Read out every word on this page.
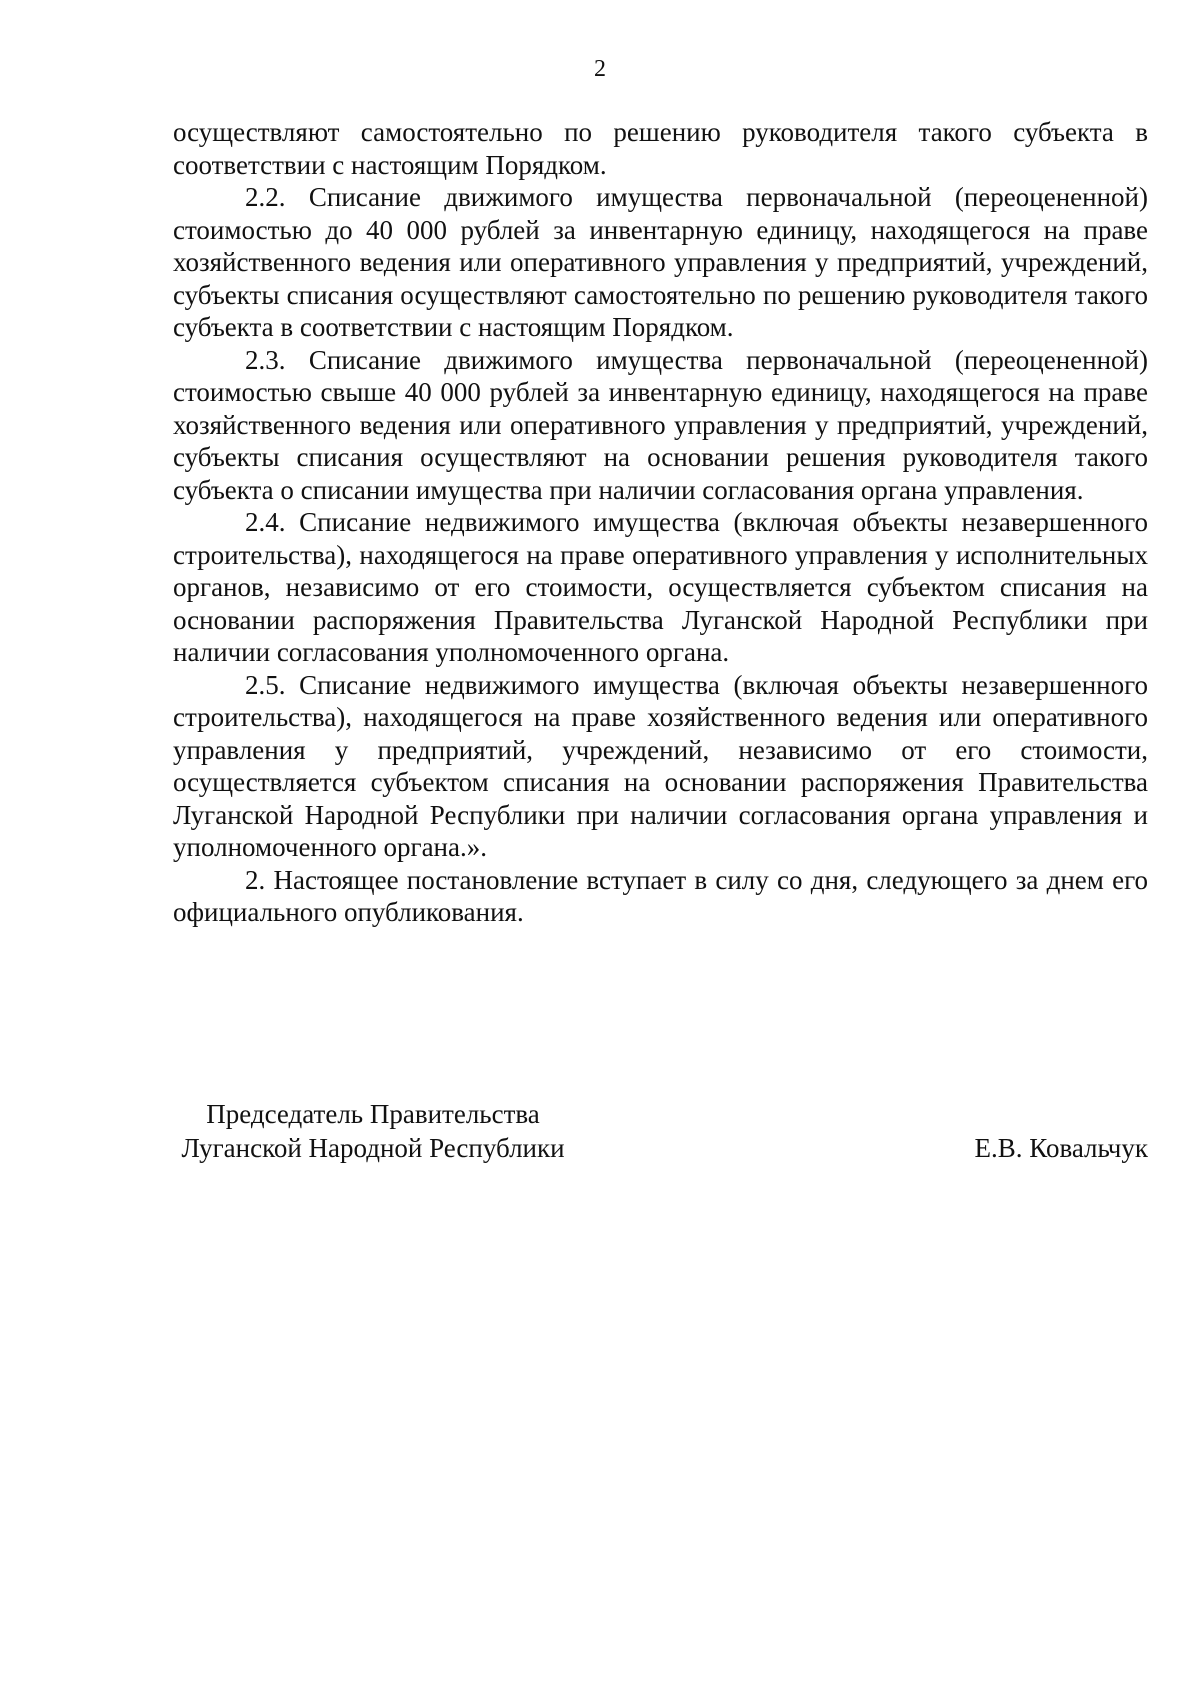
2

осуществляют самостоятельно по решению руководителя такого субъекта в соответствии с настоящим Порядком.

2.2. Списание движимого имущества первоначальной (переоцененной) стоимостью до 40 000 рублей за инвентарную единицу, находящегося на праве хозяйственного ведения или оперативного управления у предприятий, учреждений, субъекты списания осуществляют самостоятельно по решению руководителя такого субъекта в соответствии с настоящим Порядком.

2.3. Списание движимого имущества первоначальной (переоцененной) стоимостью свыше 40 000 рублей за инвентарную единицу, находящегося на праве хозяйственного ведения или оперативного управления у предприятий, учреждений, субъекты списания осуществляют на основании решения руководителя такого субъекта о списании имущества при наличии согласования органа управления.

2.4. Списание недвижимого имущества (включая объекты незавершенного строительства), находящегося на праве оперативного управления у исполнительных органов, независимо от его стоимости, осуществляется субъектом списания на основании распоряжения Правительства Луганской Народной Республики при наличии согласования уполномоченного органа.

2.5. Списание недвижимого имущества (включая объекты незавершенного строительства), находящегося на праве хозяйственного ведения или оперативного управления у предприятий, учреждений, независимо от его стоимости, осуществляется субъектом списания на основании распоряжения Правительства Луганской Народной Республики при наличии согласования органа управления и уполномоченного органа.».

2. Настоящее постановление вступает в силу со дня, следующего за днем его официального опубликования.

Председатель Правительства
Луганской Народной Республики	Е.В. Ковальчук
